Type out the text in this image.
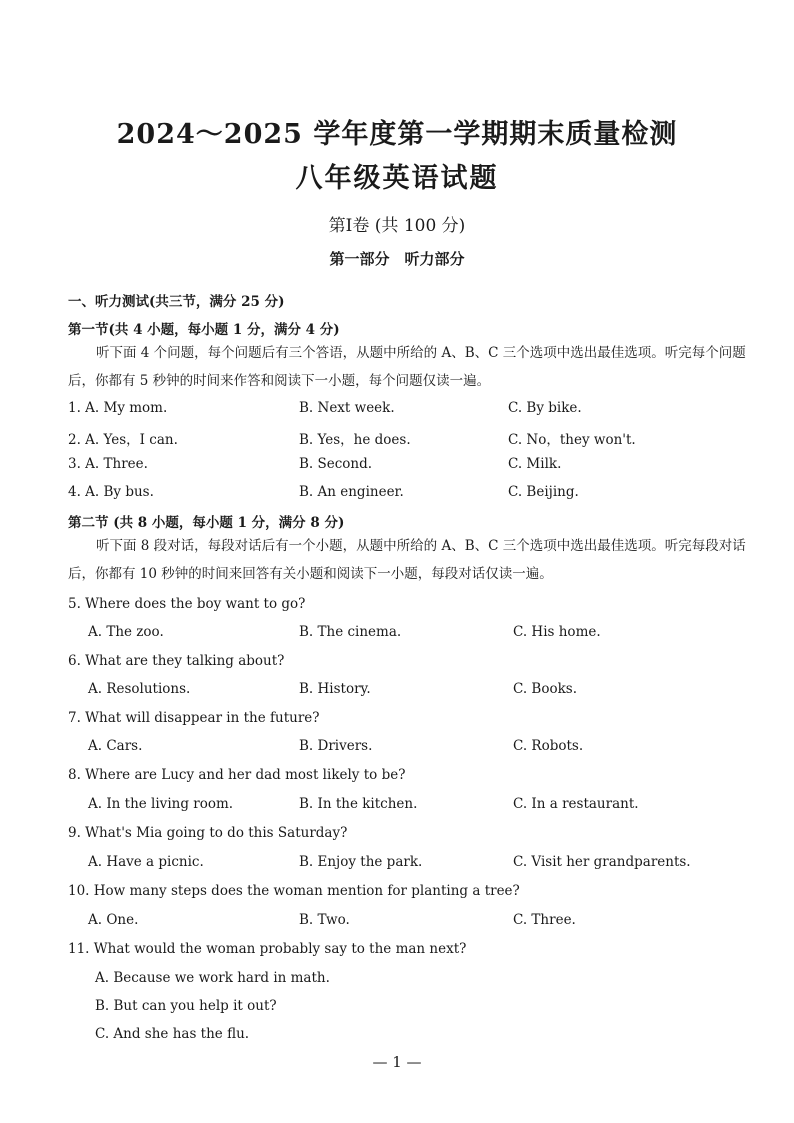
2024～2025 学年度第一学期期末质量检测
八年级英语试题
第Ⅰ卷 (共 100 分)
第一部分　听力部分
一、听力测试(共三节，满分 25 分)
第一节(共 4 小题，每小题 1 分，满分 4 分)
听下面 4 个问题，每个问题后有三个答语，从题中所给的 A、B、C 三个选项中选出最佳选项。听完每个问题后，你都有 5 秒钟的时间来作答和阅读下一小题，每个问题仅读一遍。
1. A. My mom.	B. Next week.	C. By bike.
2. A. Yes，I can.	B. Yes，he does.	C. No，they won't.
3. A. Three.	B. Second.	C. Milk.
4. A. By bus.	B. An engineer.	C. Beijing.
第二节 (共 8 小题，每小题 1 分，满分 8 分)
听下面 8 段对话，每段对话后有一个小题，从题中所给的 A、B、C 三个选项中选出最佳选项。听完每段对话后，你都有 10 秒钟的时间来回答有关小题和阅读下一小题，每段对话仅读一遍。
5. Where does the boy want to go?
A. The zoo.	B. The cinema.	C. His home.
6. What are they talking about?
A. Resolutions.	B. History.	C. Books.
7. What will disappear in the future?
A. Cars.	B. Drivers.	C. Robots.
8. Where are Lucy and her dad most likely to be?
A. In the living room.	B. In the kitchen.	C. In a restaurant.
9. What's Mia going to do this Saturday?
A. Have a picnic.	B. Enjoy the park.	C. Visit her grandparents.
10. How many steps does the woman mention for planting a tree?
A. One.	B. Two.	C. Three.
11. What would the woman probably say to the man next?
A. Because we work hard in math.
B. But can you help it out?
C. And she has the flu.
— 1 —
